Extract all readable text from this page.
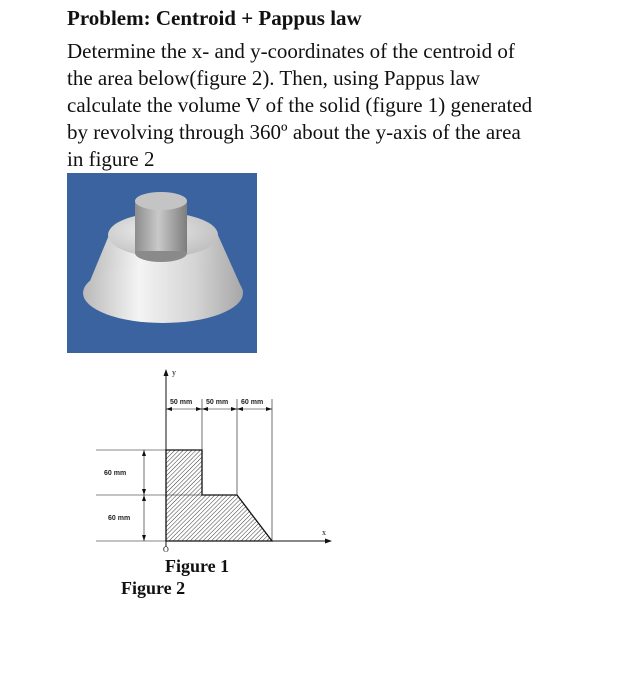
Problem: Centroid + Pappus law

Determine the x- and y-coordinates of the centroid of
the area below(figure 2). Then, using Pappus law
calculate the volume V of the solid (figure 1) generated
by revolving through 360º about the y-axis of the area
in figure 2

y
x
O
50 mm 50 mm 60 mm
60 mm
60 mm
Figure 1
Figure 2
